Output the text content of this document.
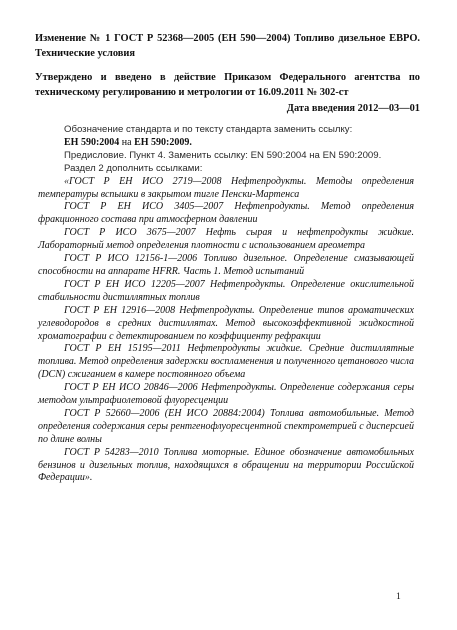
Изменение № 1 ГОСТ Р 52368—2005 (ЕН 590—2004) Топливо дизельное ЕВРО. Технические условия

Утверждено и введено в действие Приказом Федерального агентства по техническому регулированию и метрологии от 16.09.2011 № 302-ст

Дата введения 2012—03—01

Обозначение стандарта и по тексту стандарта заменить ссылку:

ЕН 590:2004 на ЕН 590:2009.

Предисловие. Пункт 4. Заменить ссылку: EN 590:2004 на EN 590:2009.

Раздел 2 дополнить ссылками:

«ГОСТ Р ЕН ИСО 2719—2008 Нефтепродукты. Методы определения температуры вспышки в закрытом тигле Пенски-Мартенса

ГОСТ Р ЕН ИСО 3405—2007 Нефтепродукты. Метод определения фракционного состава при атмосферном давлении

ГОСТ Р ИСО 3675—2007 Нефть сырая и нефтепродукты жидкие. Лабораторный метод определения плотности с использованием ареометра

ГОСТ Р ИСО 12156-1—2006 Топливо дизельное. Определение смазывающей способности на аппарате HFRR. Часть 1. Метод испытаний

ГОСТ Р ЕН ИСО 12205—2007 Нефтепродукты. Определение окислительной стабильности дистиллятных топлив

ГОСТ Р ЕН 12916—2008 Нефтепродукты. Определение типов ароматических углеводородов в средних дистиллятах. Метод высокоэффективной жидкостной хроматографии с детектированием по коэффициенту рефракции

ГОСТ Р ЕН 15195—2011 Нефтепродукты жидкие. Средние дистиллятные топлива. Метод определения задержки воспламенения и полученного цетанового числа (DCN) сжиганием в камере постоянного объема

ГОСТ Р ЕН ИСО 20846—2006 Нефтепродукты. Определение содержания серы методом ультрафиолетовой флуоресценции

ГОСТ Р 52660—2006 (ЕН ИСО 20884:2004) Топлива автомобильные. Метод определения содержания серы рентгенофлуоресцентной спектрометрией с дисперсией по длине волны

ГОСТ Р 54283—2010 Топлива моторные. Единое обозначение автомобильных бензинов и дизельных топлив, находящихся в обращении на территории Российской Федерации».

1
